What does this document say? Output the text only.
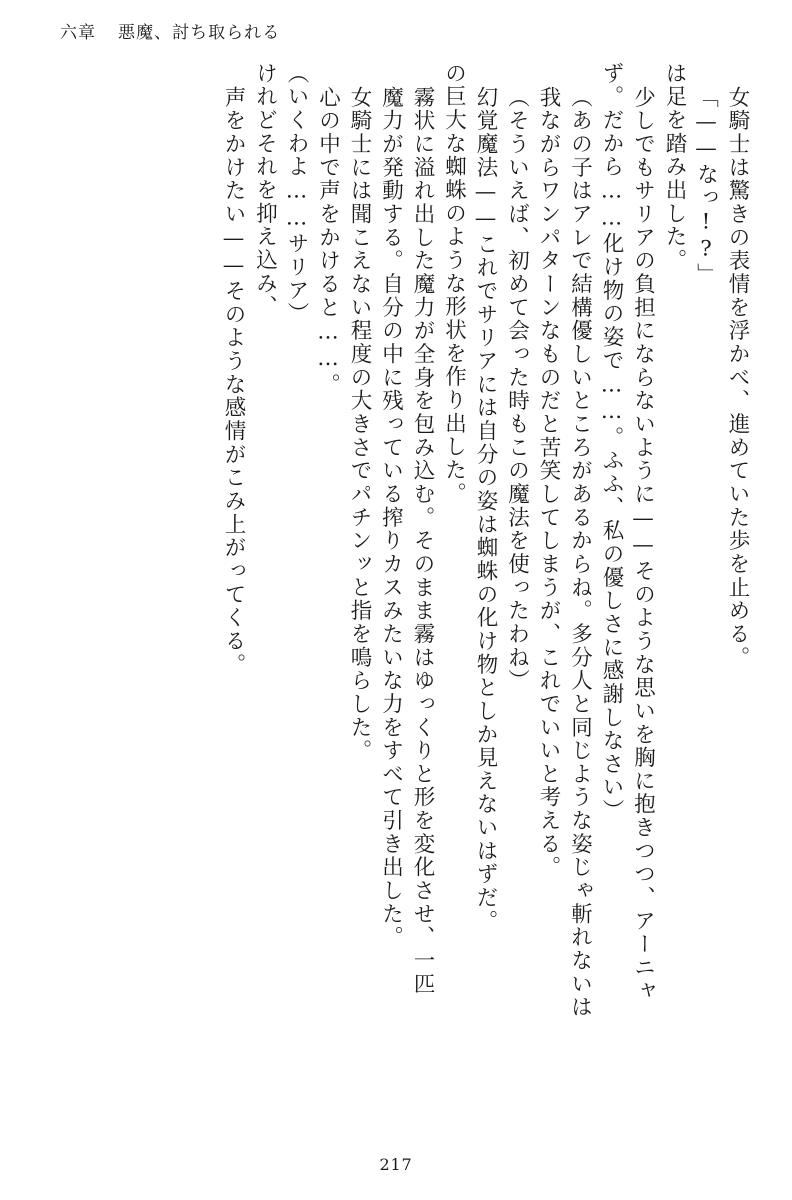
六章 悪魔、討ち取られる
声をかけたい——そのような感情がこみ上がってくる。 けれどそれを抑え込み、 （いくわよ……サリア） 心の中で声をかけると……。 女騎士には聞こえない程度の大きさでパチンッと指を鳴らした。 魔力が発動する。自分の中に残っている搾りカスみたいな力をすべて引き出した。 霧状に溢れ出した魔力が全身を包み込む。そのまま霧はゆっくりと形を変化させ、一匹 の巨大な蜘蛛のような形状を作り出した。 幻覚魔法——これでサリアには自分の姿は蜘蛛の化け物としか見えないはずだ。 （そういえば、初めて会った時もこの魔法を使ったわね） 我ながらワンパターンなものだと苦笑してしまうが、これでいいと考える。 （あの子はアレで結構優しいところがあるからね。多分人と同じような姿じゃ斬れないは ず。だから……化け物の姿で……。ふふ、私の優しさに感謝しなさい） 少しでもサリアの負担にならないように——そのような思いを胸に抱きつつ、アーニャ は足を踏み出した。 「——なっ!?」 女騎士は驚きの表情を浮かべ、進めていた歩を止める。
217
